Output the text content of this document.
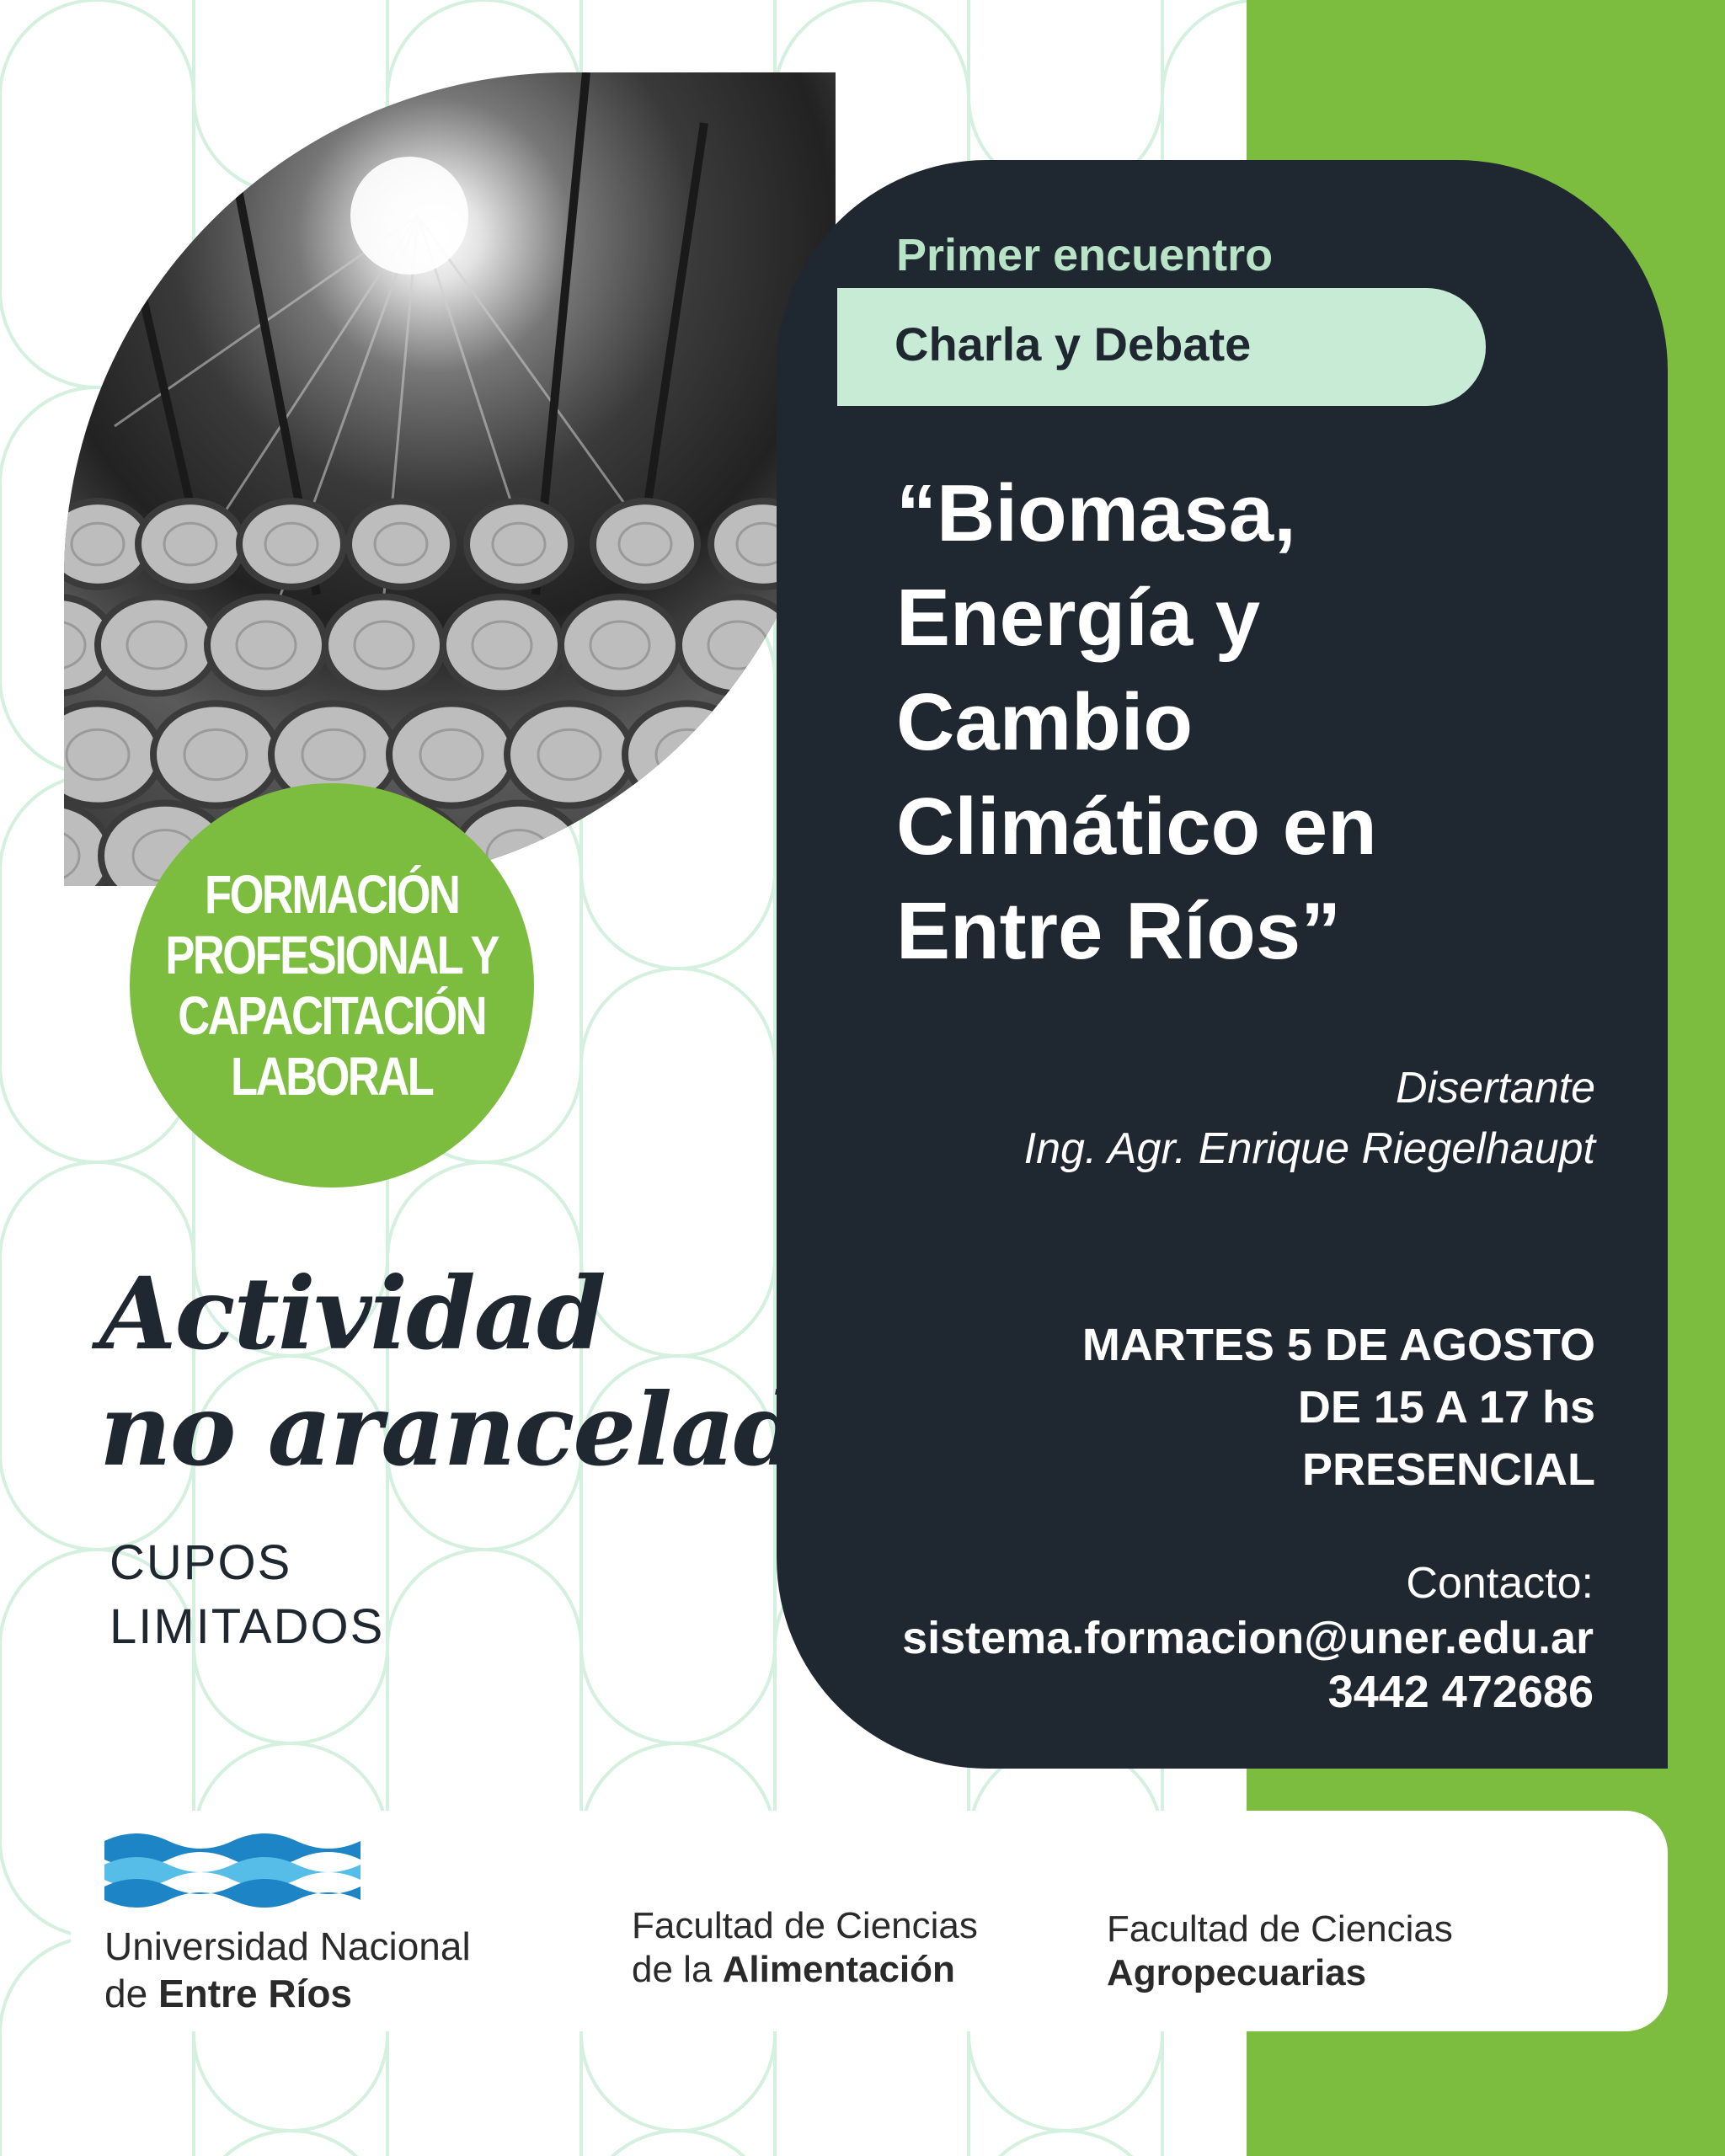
FORMACIÓN
PROFESIONAL Y
CAPACITACIÓN
LABORAL
Primer encuentro
Charla y Debate
“Biomasa,
Energía y
Cambio
Climático en
Entre Ríos”
Disertante
Ing. Agr. Enrique Riegelhaupt
MARTES 5 DE AGOSTO
DE 15 A 17 hs
PRESENCIAL
Contacto:
sistema.formacion@uner.edu.ar
3442 472686
Actividad
no arancelada
CUPOS
LIMITADOS
Universidad Nacional
de Entre Ríos
Facultad de Ciencias
de la Alimentación
Facultad de Ciencias
Agropecuarias
